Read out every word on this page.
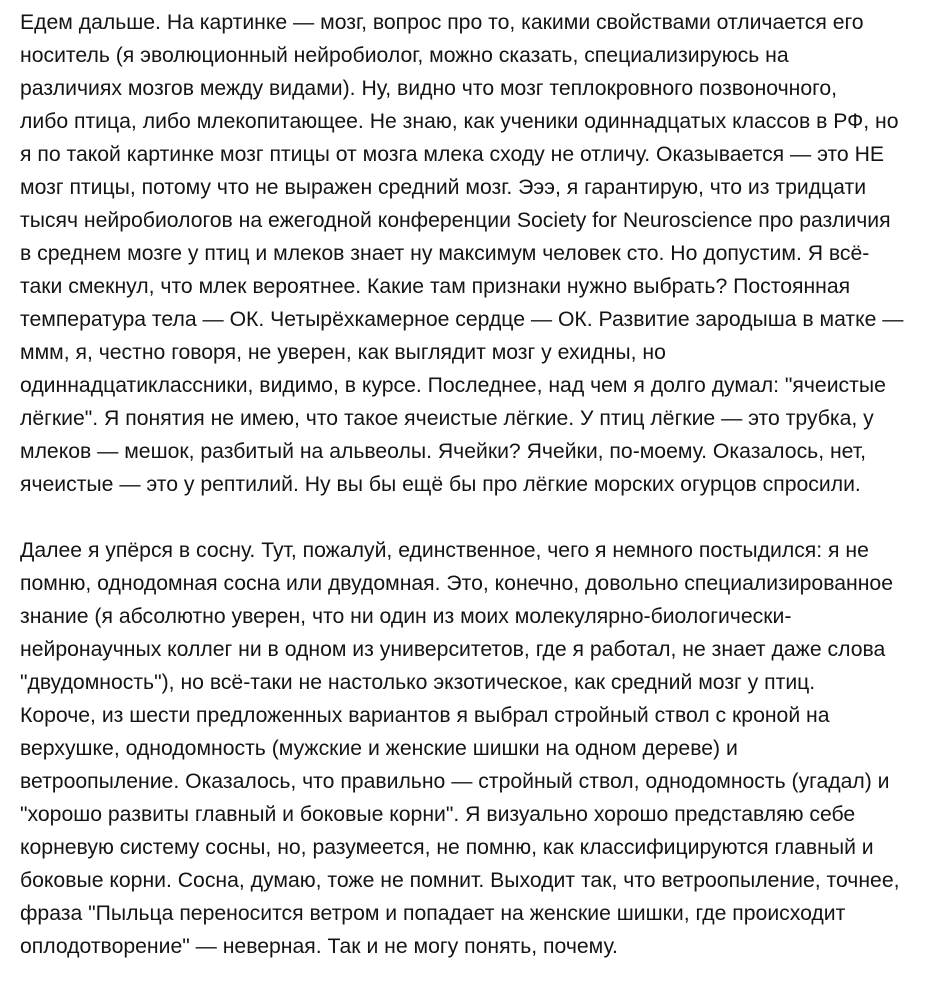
Едем дальше. На картинке — мозг, вопрос про то, какими свойствами отличается его
носитель (я эволюционный нейробиолог, можно сказать, специализируюсь на
различиях мозгов между видами). Ну, видно что мозг теплокровного позвоночного,
либо птица, либо млекопитающее. Не знаю, как ученики одиннадцатых классов в РФ, но
я по такой картинке мозг птицы от мозга млека сходу не отличу. Оказывается — это НЕ
мозг птицы, потому что не выражен средний мозг. Эээ, я гарантирую, что из тридцати
тысяч нейробиологов на ежегодной конференции Society for Neuroscience про различия
в среднем мозге у птиц и млеков знает ну максимум человек сто. Но допустим. Я всё-
таки смекнул, что млек вероятнее. Какие там признаки нужно выбрать? Постоянная
температура тела — ОК. Четырёхкамерное сердце — ОК. Развитие зародыша в матке —
ммм, я, честно говоря, не уверен, как выглядит мозг у ехидны, но
одиннадцатиклассники, видимо, в курсе. Последнее, над чем я долго думал: "ячеистые
лёгкие". Я понятия не имею, что такое ячеистые лёгкие. У птиц лёгкие — это трубка, у
млеков — мешок, разбитый на альвеолы. Ячейки? Ячейки, по-моему. Оказалось, нет,
ячеистые — это у рептилий. Ну вы бы ещё бы про лёгкие морских огурцов спросили.

Далее я упёрся в сосну. Тут, пожалуй, единственное, чего я немного постыдился: я не
помню, однодомная сосна или двудомная. Это, конечно, довольно специализированное
знание (я абсолютно уверен, что ни один из моих молекулярно-биологически-
нейронаучных коллег ни в одном из университетов, где я работал, не знает даже слова
"двудомность"), но всё-таки не настолько экзотическое, как средний мозг у птиц.
Короче, из шести предложенных вариантов я выбрал стройный ствол с кроной на
верхушке, однодомность (мужские и женские шишки на одном дереве) и
ветроопыление. Оказалось, что правильно — стройный ствол, однодомность (угадал) и
"хорошо развиты главный и боковые корни". Я визуально хорошо представляю себе
корневую систему сосны, но, разумеется, не помню, как классифицируются главный и
боковые корни. Сосна, думаю, тоже не помнит. Выходит так, что ветроопыление, точнее,
фраза "Пыльца переносится ветром и попадает на женские шишки, где происходит
оплодотворение" — неверная. Так и не могу понять, почему.
